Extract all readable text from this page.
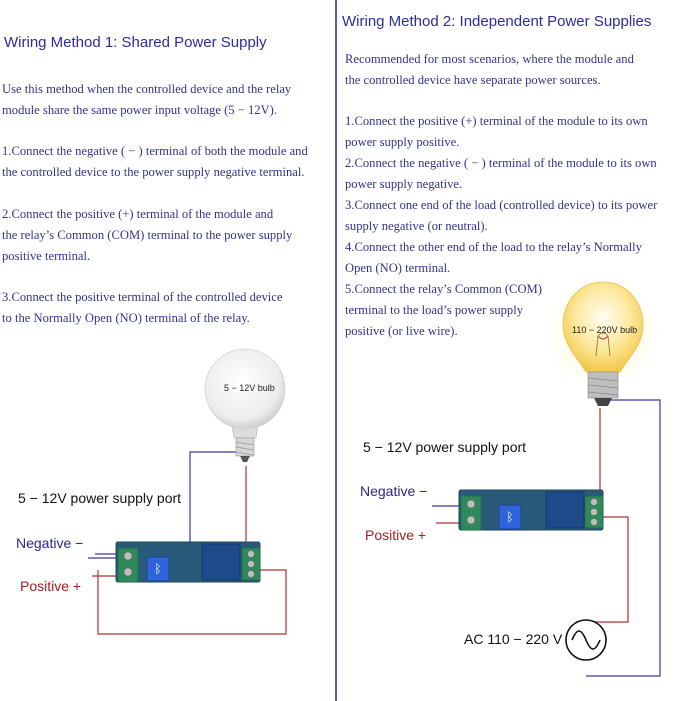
Wiring Method 1: Shared Power Supply
Use this method when the controlled device and the relay
module share the same power input voltage (5 − 12V).
1.Connect the negative ( − ) terminal of both the module and
the controlled device to the power supply negative terminal.
2.Connect the positive (+) terminal of the module and
the relay’s Common (COM) terminal to the power supply
positive terminal.
3.Connect the positive terminal of the controlled device
to the Normally Open (NO) terminal of the relay.
Wiring Method 2: Independent Power Supplies
Recommended for most scenarios, where the module and
the controlled device have separate power sources.
1.Connect the positive (+) terminal of the module to its own
power supply positive.
2.Connect the negative ( − ) terminal of the module to its own
power supply negative.
3.Connect one end of the load (controlled device) to its power
supply negative (or neutral).
4.Connect the other end of the load to the relay’s Normally
Open (NO) terminal.
5.Connect the relay’s Common (COM)
terminal to the load’s power supply
positive (or live wire).
ᛒ
ᛒ
5 − 12V bulb
5 − 12V power supply port
Negative −
Positive +
110 − 220V bulb
5 − 12V power supply port
Negative −
Positive +
AC 110 − 220 V
